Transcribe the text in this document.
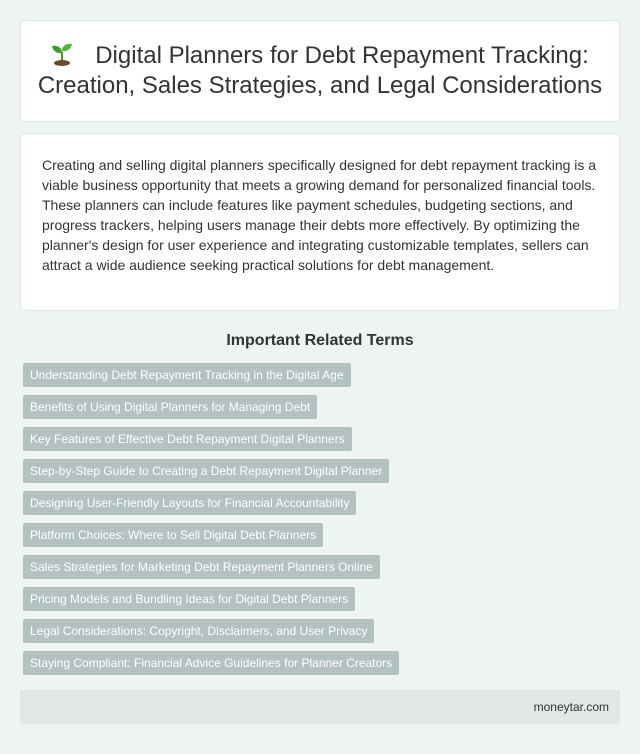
Digital Planners for Debt Repayment Tracking: Creation, Sales Strategies, and Legal Considerations

Creating and selling digital planners specifically designed for debt repayment tracking is a viable business opportunity that meets a growing demand for personalized financial tools. These planners can include features like payment schedules, budgeting sections, and progress trackers, helping users manage their debts more effectively. By optimizing the planner's design for user experience and integrating customizable templates, sellers can attract a wide audience seeking practical solutions for debt management.

Important Related Terms
Understanding Debt Repayment Tracking in the Digital Age
Benefits of Using Digital Planners for Managing Debt
Key Features of Effective Debt Repayment Digital Planners
Step-by-Step Guide to Creating a Debt Repayment Digital Planner
Designing User-Friendly Layouts for Financial Accountability
Platform Choices: Where to Sell Digital Debt Planners
Sales Strategies for Marketing Debt Repayment Planners Online
Pricing Models and Bundling Ideas for Digital Debt Planners
Legal Considerations: Copyright, Disclaimers, and User Privacy
Staying Compliant: Financial Advice Guidelines for Planner Creators
moneytar.com
